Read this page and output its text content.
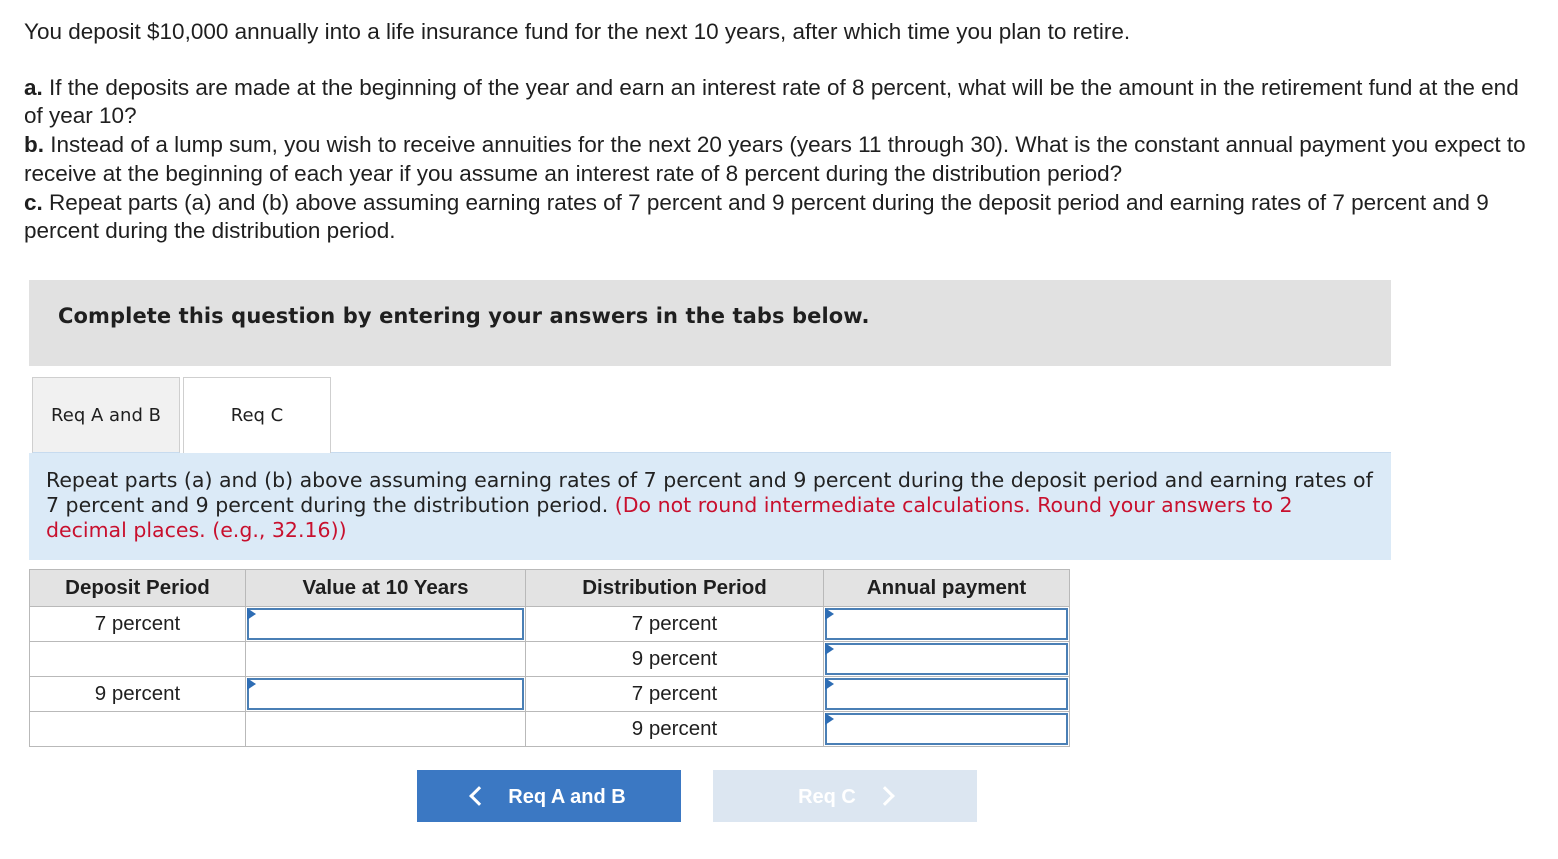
You deposit $10,000 annually into a life insurance fund for the next 10 years, after which time you plan to retire.

a. If the deposits are made at the beginning of the year and earn an interest rate of 8 percent, what will be the amount in the retirement fund at the end of year 10?

b. Instead of a lump sum, you wish to receive annuities for the next 20 years (years 11 through 30). What is the constant annual payment you expect to receive at the beginning of each year if you assume an interest rate of 8 percent during the distribution period?

c. Repeat parts (a) and (b) above assuming earning rates of 7 percent and 9 percent during the deposit period and earning rates of 7 percent and 9 percent during the distribution period.

Complete this question by entering your answers in the tabs below.
Req A and B	Req C
Repeat parts (a) and (b) above assuming earning rates of 7 percent and 9 percent during the deposit period and earning rates of 7 percent and 9 percent during the distribution period. (Do not round intermediate calculations. Round your answers to 2 decimal places. (e.g., 32.16))
Deposit Period	Value at 10 Years	Distribution Period	Annual payment
7 percent		7 percent	

		9 percent	

9 percent		7 percent	

		9 percent	
Req A and B	Req C
